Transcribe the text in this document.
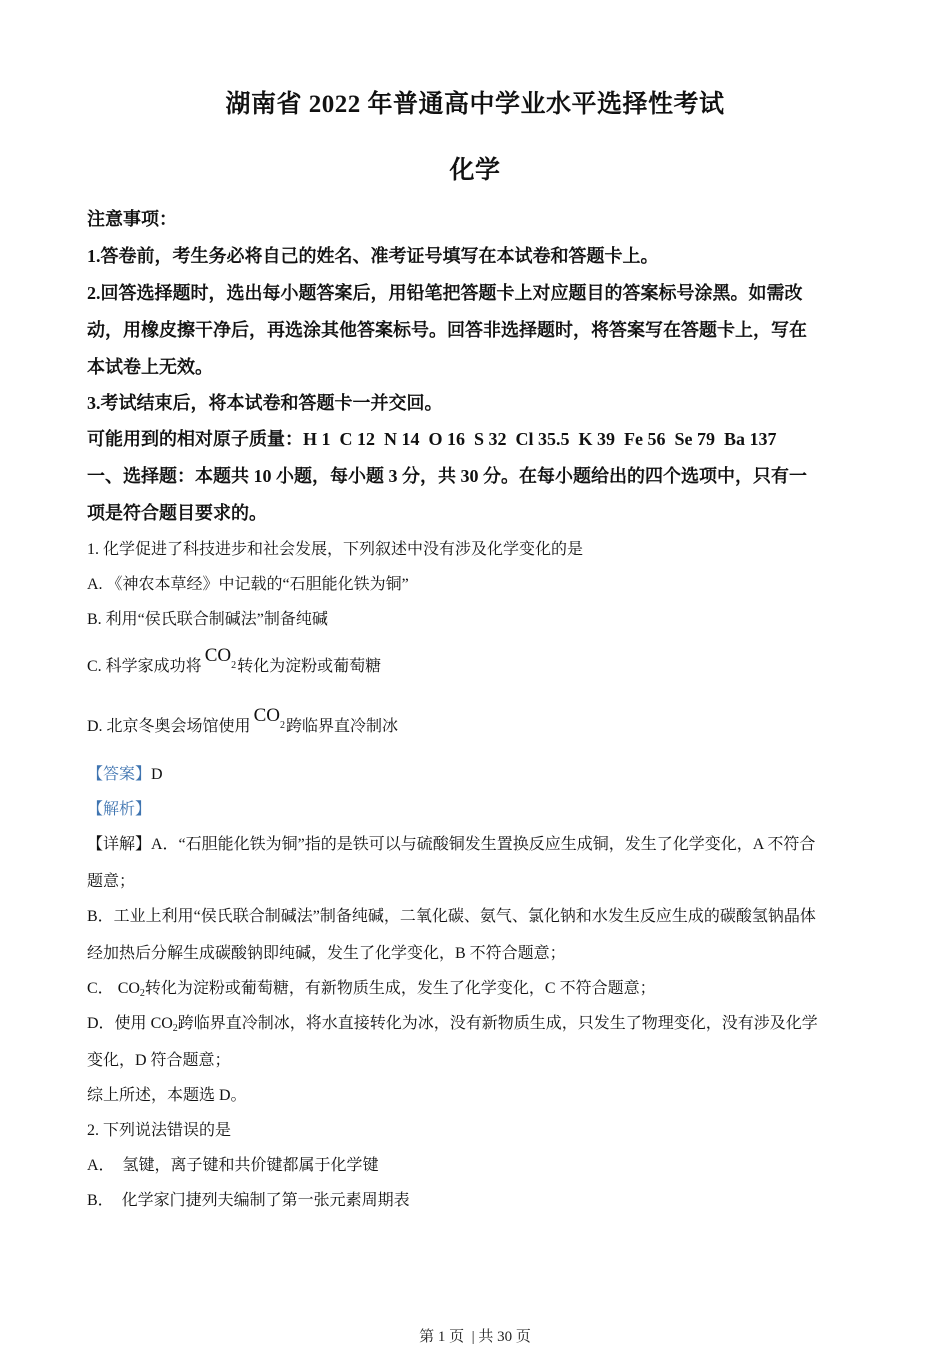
湖南省 2022 年普通高中学业水平选择性考试
化学
注意事项：
1.答卷前，考生务必将自己的姓名、准考证号填写在本试卷和答题卡上。
2.回答选择题时，选出每小题答案后，用铅笔把答题卡上对应题目的答案标号涂黑。如需改
动，用橡皮擦干净后，再选涂其他答案标号。回答非选择题时，将答案写在答题卡上，写在
本试卷上无效。
3.考试结束后，将本试卷和答题卡一并交回。
可能用到的相对原子质量：H 1  C 12  N 14  O 16  S 32  Cl 35.5  K 39  Fe 56  Se 79  Ba 137
一、选择题：本题共 10 小题，每小题 3 分，共 30 分。在每小题给出的四个选项中，只有一
项是符合题目要求的。
1. 化学促进了科技进步和社会发展，下列叙述中没有涉及化学变化的是
A. 《神农本草经》中记载的“石胆能化铁为铜”
B. 利用“侯氏联合制碱法”制备纯碱
C. 科学家成功将$CO_2$转化为淀粉或葡萄糖
D. 北京冬奥会场馆使用$CO_2$跨临界直冷制冰
【答案】D
【解析】
【详解】A．“石胆能化铁为铜”指的是铁可以与硫酸铜发生置换反应生成铜，发生了化学变化，A 不符合
题意；
B．工业上利用“侯氏联合制碱法”制备纯碱，二氧化碳、氨气、氯化钠和水发生反应生成的碳酸氢钠晶体
经加热后分解生成碳酸钠即纯碱，发生了化学变化，B 不符合题意；
C． CO2转化为淀粉或葡萄糖，有新物质生成，发生了化学变化，C 不符合题意；
D．使用 CO2跨临界直冷制冰，将水直接转化为冰，没有新物质生成，只发生了物理变化，没有涉及化学
变化，D 符合题意；
综上所述，本题选 D。
2. 下列说法错误的是
A．  氢键，离子键和共价键都属于化学键
B．  化学家门捷列夫编制了第一张元素周期表
第 1 页  | 共 30 页
